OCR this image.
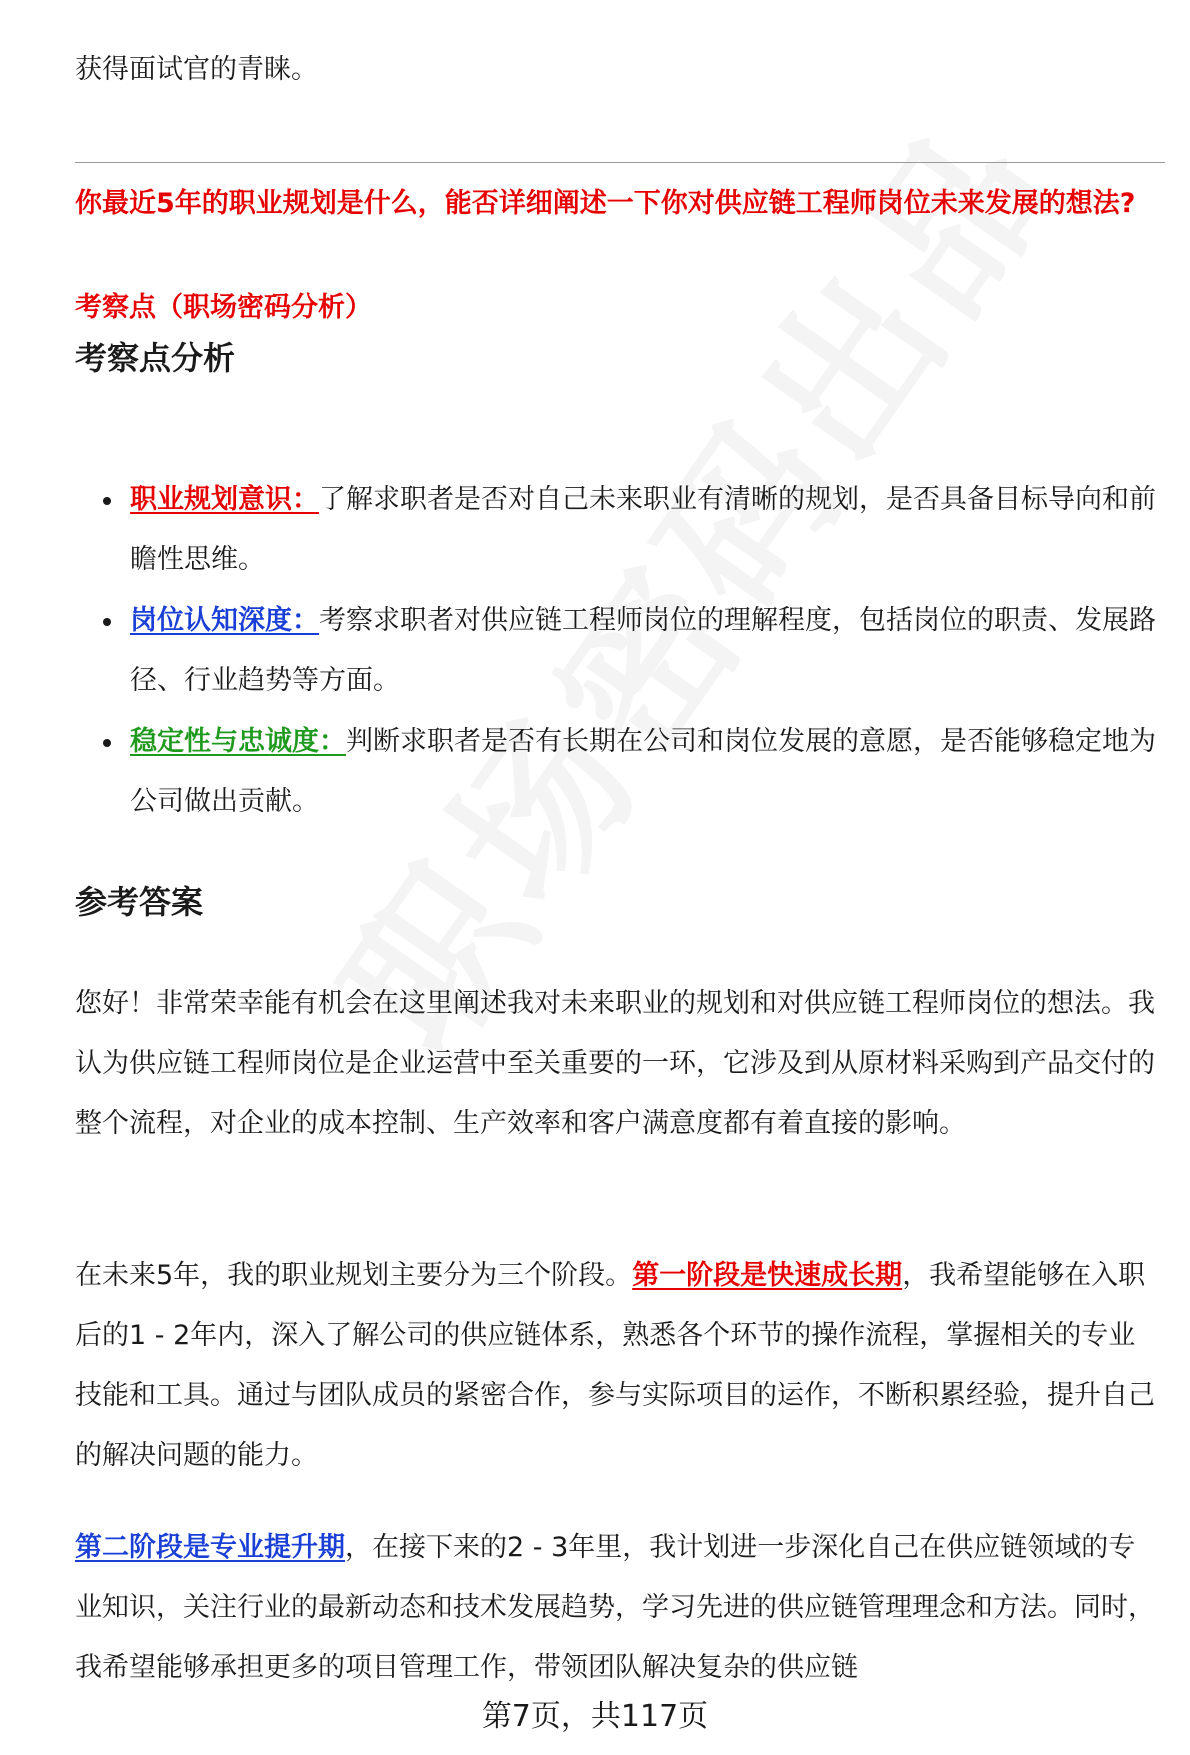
获得面试官的青睐。
你最近5年的职业规划是什么，能否详细阐述一下你对供应链工程师岗位未来发展的想法?
考察点（职场密码分析）
考察点分析
职业规划意识：了解求职者是否对自己未来职业有清晰的规划，是否具备目标导向和前瞻性思维。
岗位认知深度：考察求职者对供应链工程师岗位的理解程度，包括岗位的职责、发展路径、行业趋势等方面。
稳定性与忠诚度：判断求职者是否有长期在公司和岗位发展的意愿，是否能够稳定地为公司做出贡献。
参考答案

您好！非常荣幸能有机会在这里阐述我对未来职业的规划和对供应链工程师岗位的想法。我认为供应链工程师岗位是企业运营中至关重要的一环，它涉及到从原材料采购到产品交付的整个流程，对企业的成本控制、生产效率和客户满意度都有着直接的影响。

在未来5年，我的职业规划主要分为三个阶段。第一阶段是快速成长期，我希望能够在入职后的1 - 2年内，深入了解公司的供应链体系，熟悉各个环节的操作流程，掌握相关的专业技能和工具。通过与团队成员的紧密合作，参与实际项目的运作，不断积累经验，提升自己的解决问题的能力。

第二阶段是专业提升期，在接下来的2 - 3年里，我计划进一步深化自己在供应链领域的专业知识，关注行业的最新动态和技术发展趋势，学习先进的供应链管理理念和方法。同时，我希望能够承担更多的项目管理工作，带领团队解决复杂的供应链

第7页，共117页
